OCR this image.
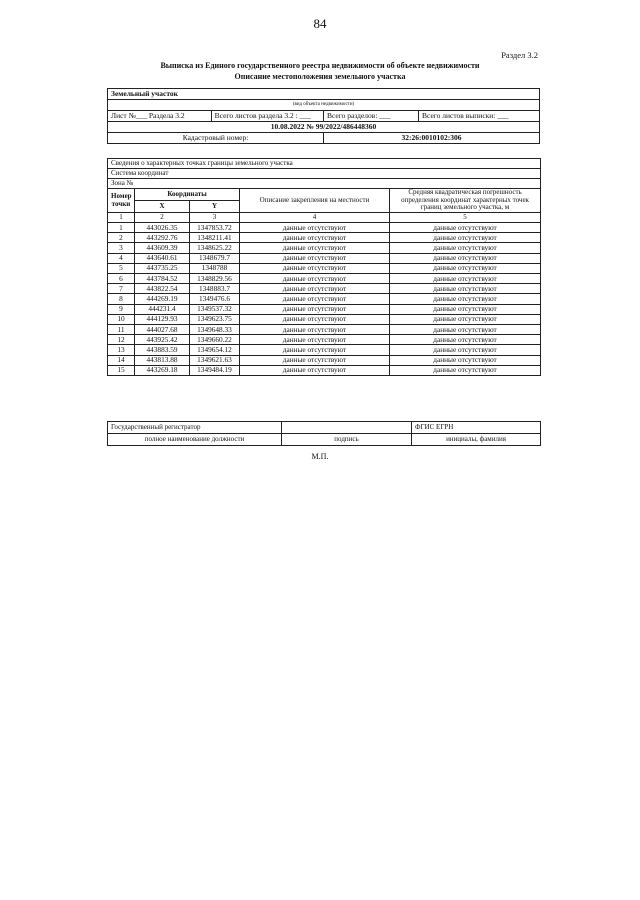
84
Раздел 3.2
Выписка из Единого государственного реестра недвижимости об объекте недвижимости
Описание местоположения земельного участка
Земельный участок			
(вид объекта недвижимости)			
Лист №___ Раздела 3.2	Всего листов раздела 3.2 : ___	Всего разделов: ___	Всего листов выписки: ___
10.08.2022 № 99/2022/486448360			
Кадастровый номер:		32:26:0010102:306	
Сведения о характерных точках границы земельного участка				
Система координат				
Зона №				
Номер точки	Координаты		Описание закрепления на местности	Средняя квадратическая погрешность определения координат характерных точек границ земельного участка, м
	X	Y		
1	2	3	4	5
1	443026.35	1347853.72	данные отсутствуют	данные отсутствуют
2	443292.76	1348211.41	данные отсутствуют	данные отсутствуют
3	443609.39	1348625.22	данные отсутствуют	данные отсутствуют
4	443640.61	1348679.7	данные отсутствуют	данные отсутствуют
5	443735.25	1348788	данные отсутствуют	данные отсутствуют
6	443784.52	1348829.56	данные отсутствуют	данные отсутствуют
7	443822.54	1348883.7	данные отсутствуют	данные отсутствуют
8	444269.19	1349476.6	данные отсутствуют	данные отсутствуют
9	444231.4	1349537.32	данные отсутствуют	данные отсутствуют
10	444129.93	1349623.75	данные отсутствуют	данные отсутствуют
11	444027.68	1349648.33	данные отсутствуют	данные отсутствуют
12	443925.42	1349660.22	данные отсутствуют	данные отсутствуют
13	443883.59	1349654.12	данные отсутствуют	данные отсутствуют
14	443813.88	1349621.63	данные отсутствуют	данные отсутствуют
15	443269.18	1349484.19	данные отсутствуют	данные отсутствуют
Государственный регистратор		ФГИС ЕГРН
полное наименование должности	подпись	инициалы, фамилия
М.П.
